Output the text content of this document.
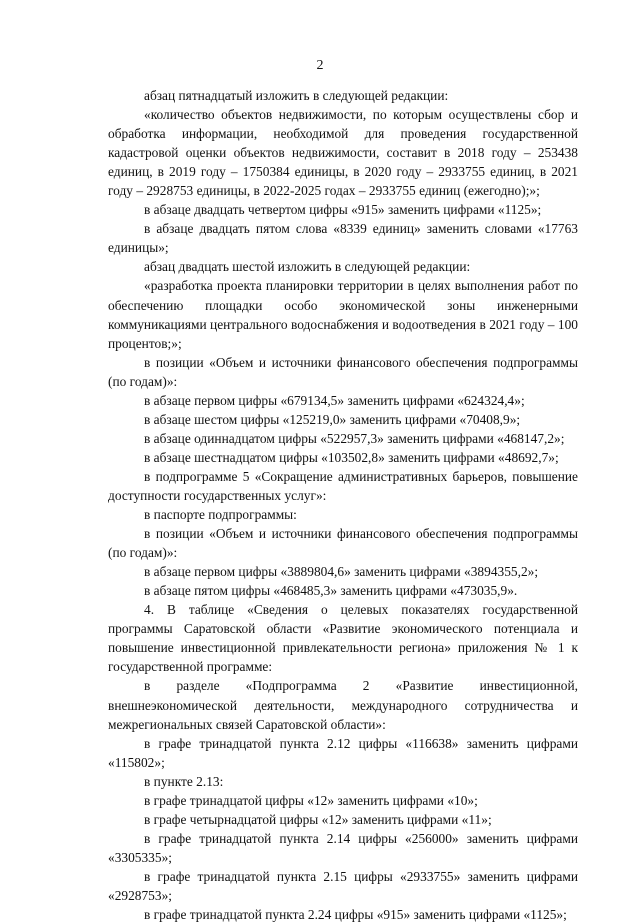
2

абзац пятнадцатый изложить в следующей редакции:

«количество объектов недвижимости, по которым осуществлены сбор и обработка информации, необходимой для проведения государственной кадастровой оценки объектов недвижимости, составит в 2018 году – 253438 единиц, в 2019 году – 1750384 единицы, в 2020 году – 2933755 единиц, в 2021 году – 2928753 единицы, в 2022-2025 годах – 2933755 единиц (ежегодно);»;

в абзаце двадцать четвертом цифры «915» заменить цифрами «1125»;

в абзаце двадцать пятом слова «8339 единиц» заменить словами «17763 единицы»;

абзац двадцать шестой изложить в следующей редакции:

«разработка проекта планировки территории в целях выполнения работ по обеспечению площадки особо экономической зоны инженерными коммуникациями центрального водоснабжения и водоотведения в 2021 году – 100 процентов;»;

в позиции «Объем и источники финансового обеспечения подпрограммы (по годам)»:

в абзаце первом цифры «679134,5» заменить цифрами «624324,4»;

в абзаце шестом цифры «125219,0» заменить цифрами «70408,9»;

в абзаце одиннадцатом цифры «522957,3» заменить цифрами «468147,2»;

в абзаце шестнадцатом цифры «103502,8» заменить цифрами «48692,7»;

в подпрограмме 5 «Сокращение административных барьеров, повышение доступности государственных услуг»:

в паспорте подпрограммы:

в позиции «Объем и источники финансового обеспечения подпрограммы (по годам)»:

в абзаце первом цифры «3889804,6» заменить цифрами «3894355,2»;

в абзаце пятом цифры «468485,3» заменить цифрами «473035,9».

4. В таблице «Сведения о целевых показателях государственной программы Саратовской области «Развитие экономического потенциала и повышение инвестиционной привлекательности региона» приложения № 1 к государственной программе:

в разделе «Подпрограмма 2 «Развитие инвестиционной, внешнеэкономической деятельности, международного сотрудничества и межрегиональных связей Саратовской области»:

в графе тринадцатой пункта 2.12 цифры «116638» заменить цифрами «115802»;

в пункте 2.13:

в графе тринадцатой цифры «12» заменить цифрами «10»;

в графе четырнадцатой цифры «12» заменить цифрами «11»;

в графе тринадцатой пункта 2.14 цифры «256000» заменить цифрами «3305335»;

в графе тринадцатой пункта 2.15 цифры «2933755» заменить цифрами «2928753»;

в графе тринадцатой пункта 2.24 цифры «915» заменить цифрами «1125»;
